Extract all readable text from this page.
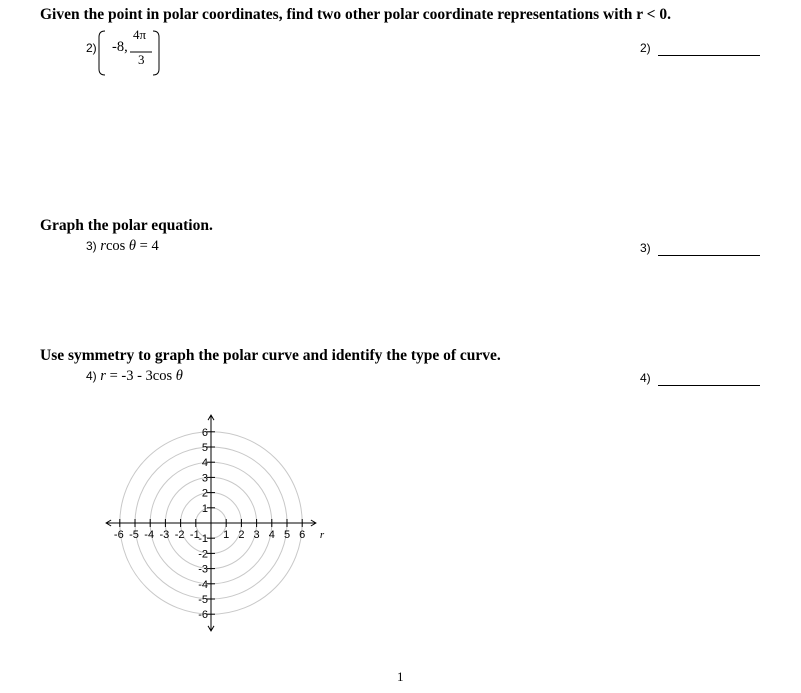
Given the point in polar coordinates, find two other polar coordinate representations with r < 0.
2) -8,
4π
3
2)
Graph the polar equation.
3) rcos θ = 4	3)
Use symmetry to graph the polar curve and identify the type of curve.
4) r = -3 - 3cos θ	4)
-6 -5 -4 -3 -2 -1 1 2 3 4 5 6
6
5
4
3
2
1
-1
-2
-3
-4
-5
-6
r
1
